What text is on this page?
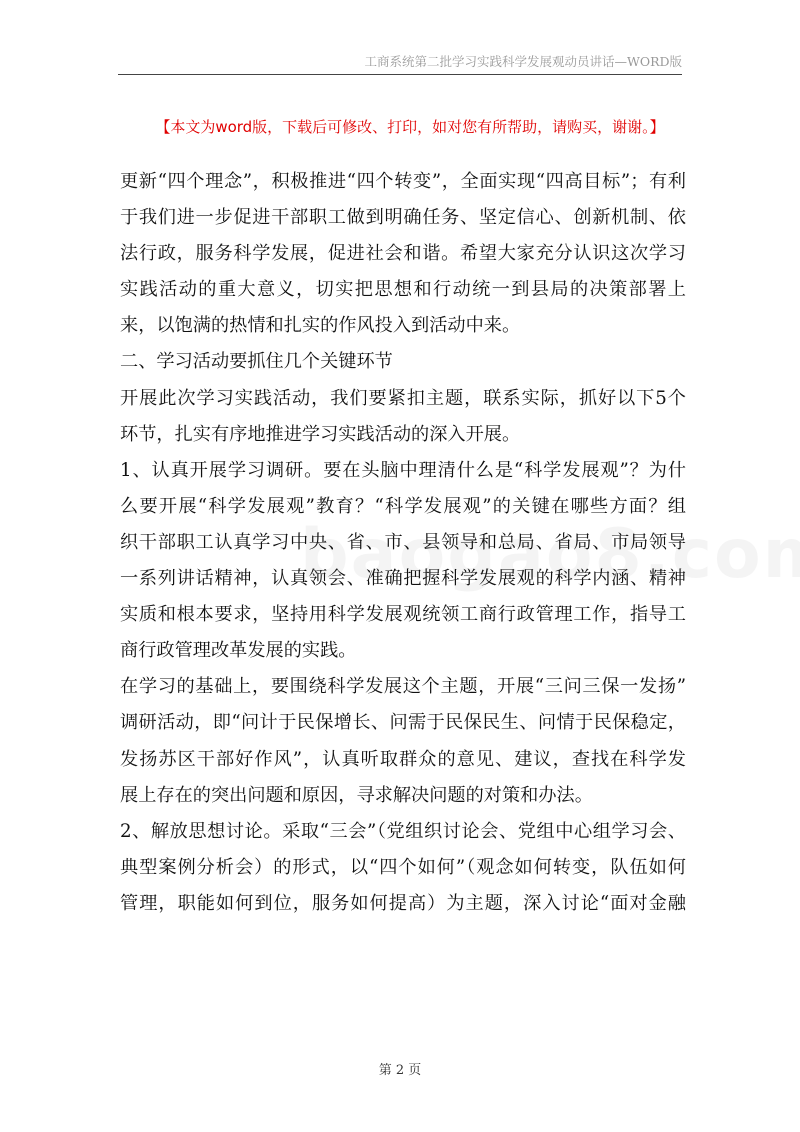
工商系统第二批学习实践科学发展观动员讲话—WORD版
【本文为word版，下载后可修改、打印，如对您有所帮助，请购买，谢谢。】
更新“四个理念”，积极推进“四个转变”，全面实现“四高目标”；有利
于我们进一步促进干部职工做到明确任务、坚定信心、创新机制、依
法行政，服务科学发展，促进社会和谐。希望大家充分认识这次学习
实践活动的重大意义，切实把思想和行动统一到县局的决策部署上
来，以饱满的热情和扎实的作风投入到活动中来。
二、学习活动要抓住几个关键环节
开展此次学习实践活动，我们要紧扣主题，联系实际，抓好以下5个
环节，扎实有序地推进学习实践活动的深入开展。
1、认真开展学习调研。要在头脑中理清什么是“科学发展观”？为什
么要开展“科学发展观”教育？“科学发展观”的关键在哪些方面？组
织干部职工认真学习中央、省、市、县领导和总局、省局、市局领导
一系列讲话精神，认真领会、准确把握科学发展观的科学内涵、精神
实质和根本要求，坚持用科学发展观统领工商行政管理工作，指导工
商行政管理改革发展的实践。
在学习的基础上，要围绕科学发展这个主题，开展“三问三保一发扬”
调研活动，即“问计于民保增长、问需于民保民生、问情于民保稳定，
发扬苏区干部好作风”，认真听取群众的意见、建议，查找在科学发
展上存在的突出问题和原因，寻求解决问题的对策和办法。
2、解放思想讨论。采取“三会”（党组织讨论会、党组中心组学习会、
典型案例分析会）的形式，以“四个如何”（观念如何转变，队伍如何
管理，职能如何到位，服务如何提高）为主题，深入讨论“面对金融
第 2 页
